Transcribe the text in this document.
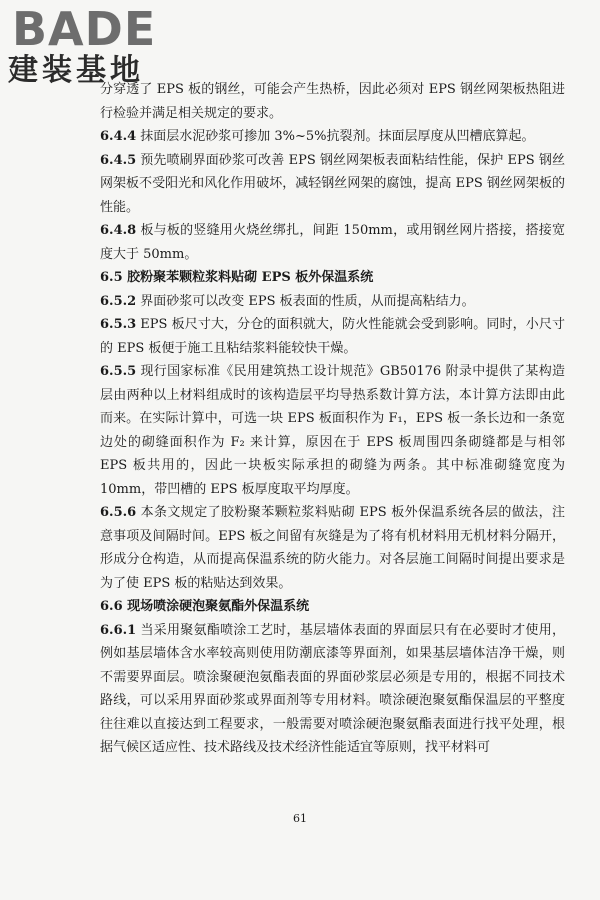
BADE
建装基地

分穿透了 EPS 板的钢丝，可能会产生热桥，因此必须对 EPS 钢丝网架板热阻进行检验并满足相关规定的要求。

6.4.4 抹面层水泥砂浆可掺加 3%~5%抗裂剂。抹面层厚度从凹槽底算起。

6.4.5 预先喷刷界面砂浆可改善 EPS 钢丝网架板表面粘结性能，保护 EPS 钢丝网架板不受阳光和风化作用破坏，减轻钢丝网架的腐蚀，提高 EPS 钢丝网架板的性能。

6.4.8 板与板的竖缝用火烧丝绑扎，间距 150mm，或用钢丝网片搭接，搭接宽度大于 50mm。

6.5 胶粉聚苯颗粒浆料贴砌 EPS 板外保温系统

6.5.2 界面砂浆可以改变 EPS 板表面的性质，从而提高粘结力。

6.5.3 EPS 板尺寸大，分仓的面积就大，防火性能就会受到影响。同时，小尺寸的 EPS 板便于施工且粘结浆料能较快干燥。

6.5.5 现行国家标准《民用建筑热工设计规范》GB50176 附录中提供了某构造层由两种以上材料组成时的该构造层平均导热系数计算方法，本计算方法即由此而来。在实际计算中，可选一块 EPS 板面积作为 F₁，EPS 板一条长边和一条宽边处的砌缝面积作为 F₂ 来计算，原因在于 EPS 板周围四条砌缝都是与相邻 EPS 板共用的，因此一块板实际承担的砌缝为两条。其中标准砌缝宽度为 10mm，带凹槽的 EPS 板厚度取平均厚度。

6.5.6 本条文规定了胶粉聚苯颗粒浆料贴砌 EPS 板外保温系统各层的做法，注意事项及间隔时间。EPS 板之间留有灰缝是为了将有机材料用无机材料分隔开，形成分仓构造，从而提高保温系统的防火能力。对各层施工间隔时间提出要求是为了使 EPS 板的粘贴达到效果。

6.6 现场喷涂硬泡聚氨酯外保温系统

6.6.1 当采用聚氨酯喷涂工艺时，基层墙体表面的界面层只有在必要时才使用，例如基层墙体含水率较高则使用防潮底漆等界面剂，如果基层墙体洁净干燥，则不需要界面层。喷涂聚硬泡氨酯表面的界面砂浆层必须是专用的，根据不同技术路线，可以采用界面砂浆或界面剂等专用材料。喷涂硬泡聚氨酯保温层的平整度往往难以直接达到工程要求，一般需要对喷涂硬泡聚氨酯表面进行找平处理，根据气候区适应性、技术路线及技术经济性能适宜等原则，找平材料可

61
